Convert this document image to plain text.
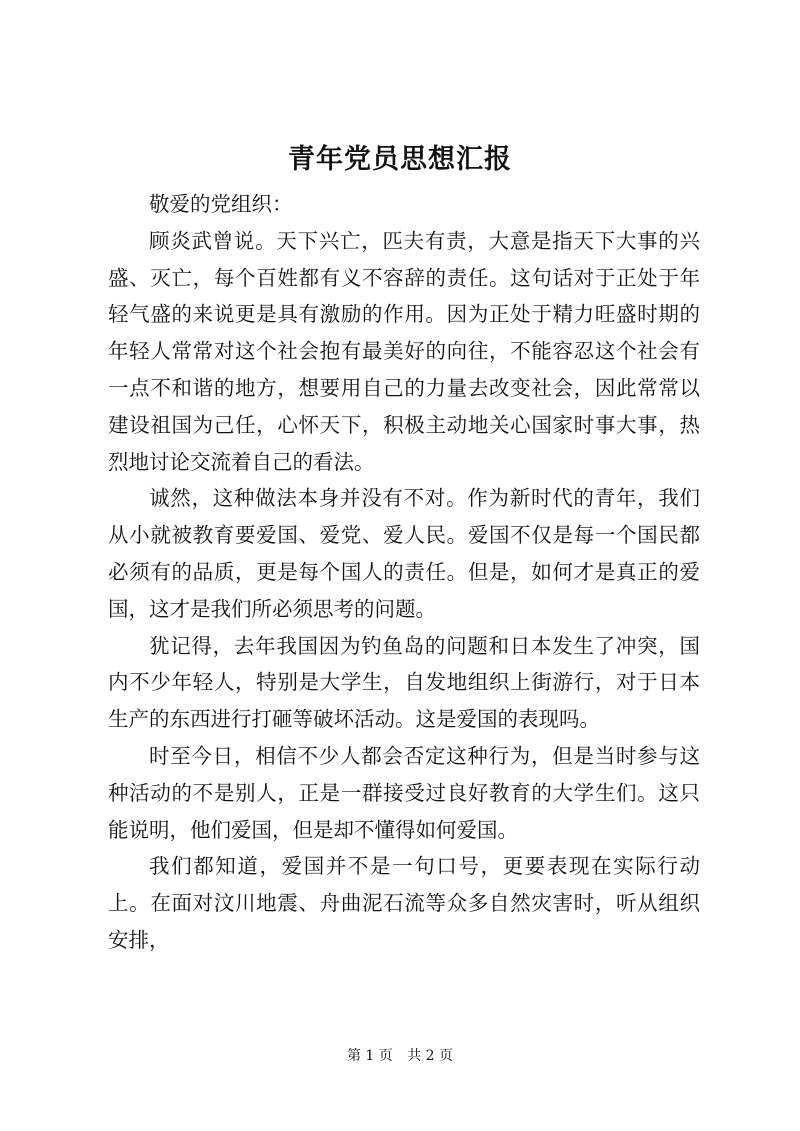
青年党员思想汇报

敬爱的党组织：

顾炎武曾说。天下兴亡，匹夫有责，大意是指天下大事的兴盛、灭亡，每个百姓都有义不容辞的责任。这句话对于正处于年轻气盛的来说更是具有激励的作用。因为正处于精力旺盛时期的年轻人常常对这个社会抱有最美好的向往，不能容忍这个社会有一点不和谐的地方，想要用自己的力量去改变社会，因此常常以建设祖国为己任，心怀天下，积极主动地关心国家时事大事，热烈地讨论交流着自己的看法。

诚然，这种做法本身并没有不对。作为新时代的青年，我们从小就被教育要爱国、爱党、爱人民。爱国不仅是每一个国民都必须有的品质，更是每个国人的责任。但是，如何才是真正的爱国，这才是我们所必须思考的问题。

犹记得，去年我国因为钓鱼岛的问题和日本发生了冲突，国内不少年轻人，特别是大学生，自发地组织上街游行，对于日本生产的东西进行打砸等破坏活动。这是爱国的表现吗。

时至今日，相信不少人都会否定这种行为，但是当时参与这种活动的不是别人，正是一群接受过良好教育的大学生们。这只能说明，他们爱国，但是却不懂得如何爱国。

我们都知道，爱国并不是一句口号，更要表现在实际行动上。在面对汶川地震、舟曲泥石流等众多自然灾害时，听从组织安排，

第 1 页 共 2 页
